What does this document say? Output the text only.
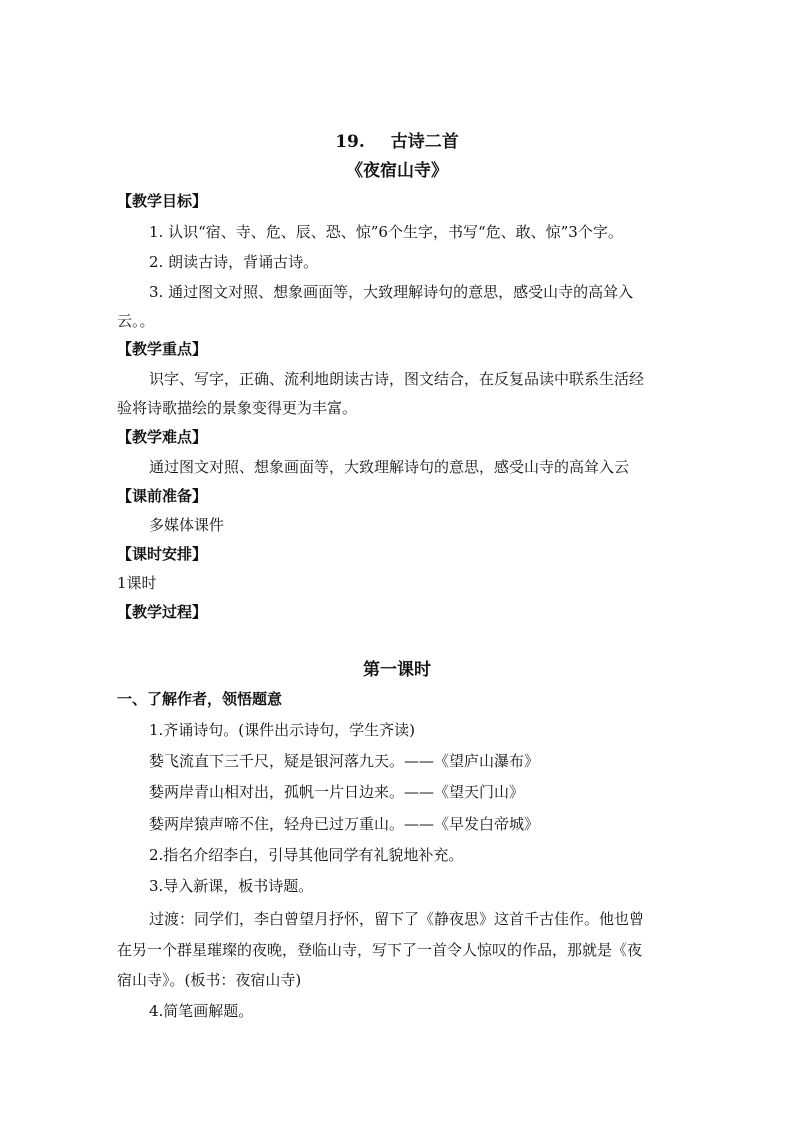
19. 古诗二首
《夜宿山寺》
【教学目标】
1. 认识“宿、寺、危、辰、恐、惊”6个生字，书写“危、敢、惊”3个字。
2. 朗读古诗，背诵古诗。
3. 通过图文对照、想象画面等，大致理解诗句的意思，感受山寺的高耸入
云。。
【教学重点】
识字、写字，正确、流利地朗读古诗，图文结合，在反复品读中联系生活经
验将诗歌描绘的景象变得更为丰富。
【教学难点】
通过图文对照、想象画面等，大致理解诗句的意思，感受山寺的高耸入云
【课前准备】
多媒体课件
【课时安排】
1课时
【教学过程】
第一课时
一、了解作者，领悟题意
1.齐诵诗句。(课件出示诗句，学生齐读)
㛷飞流直下三千尺，疑是银河落九天。——《望庐山瀑布》
㛷两岸青山相对出，孤帆一片日边来。——《望天门山》
㛷两岸猿声啼不住，轻舟已过万重山。——《早发白帝城》
2.指名介绍李白，引导其他同学有礼貌地补充。
3.导入新课，板书诗题。
过渡：同学们，李白曾望月抒怀，留下了《静夜思》这首千古佳作。他也曾
在另一个群星璀璨的夜晚，登临山寺，写下了一首令人惊叹的作品，那就是《夜
宿山寺》。(板书：夜宿山寺)
4.简笔画解题。
